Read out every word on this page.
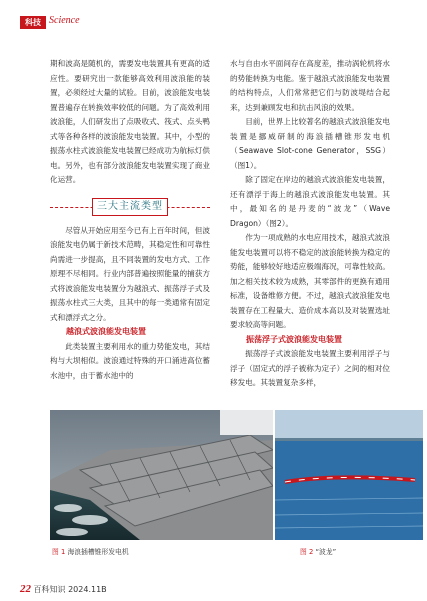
科技 Science

期和波高是随机的，需要发电装置具有更高的适应性。要研究出一款能够高效利用波浪能的装置，必须经过大量的试验。目前，波浪能发电装置普遍存在转换效率较低的问题。为了高效利用波浪能，人们研发出了点吸收式、筏式、点头鸭式等各种各样的波浪能发电装置。其中，小型的振荡水柱式波浪能发电装置已经成功为航标灯供电。另外，也有部分波浪能发电装置实现了商业化运营。

三大主流类型

尽管从开始应用至今已有上百年时间，但波浪能发电仍属于新技术范畴，其稳定性和可靠性尚需进一步提高，且不同装置的发电方式、工作原理不尽相同。行业内部普遍按照能量的捕获方式将波浪能发电装置分为越浪式、振荡浮子式及振荡水柱式三大类，且其中的每一类通常有固定式和漂浮式之分。

越浪式波浪能发电装置

此类装置主要利用水的重力势能发电，其结构与大坝相似。波浪通过特殊的开口涌进高位蓄水池中，由于蓄水池中的

水与自由水平面间存在高度差，推动涡轮机将水的势能转换为电能。鉴于越浪式波浪能发电装置的结构特点，人们常常把它们与防波堤结合起来，达到兼顾发电和抗击风浪的效果。

目前，世界上比较著名的越浪式波浪能发电装置是挪威研制的海浪插槽锥形发电机（Seawave Slot-cone Generator，SSG）（图1）。

除了固定在岸边的越浪式波浪能发电装置，还有漂浮于海上的越浪式波浪能发电装置。其中，最知名的是丹麦的“波龙”（Wave Dragon）（图2）。

作为一项成熟的水电应用技术，越浪式波浪能发电装置可以将不稳定的波浪能转换为稳定的势能，能够较好地适应极端海况，可靠性较高。加之相关技术较为成熟，其零部件的更换有通用标准，设备维修方便。不过，越浪式波浪能发电装置存在工程量大、造价成本高以及对装置选址要求较高等问题。

振荡浮子式波浪能发电装置

振荡浮子式波浪能发电装置主要利用浮子与浮子（固定式的浮子被称为定子）之间的相对位移发电。其装置复杂多样，

图 1 海浪插槽锥形发电机	图 2 “波龙”
22 百科知识 2024.11B
